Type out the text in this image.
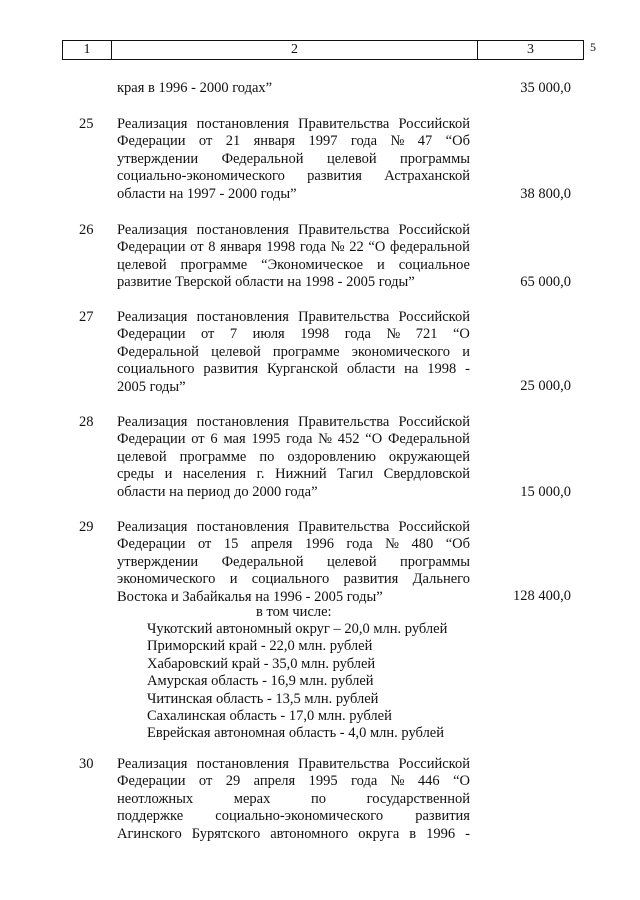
5
1	2	3
края в 1996 - 2000 годах”	35 000,0
25 Реализация постановления Правительства Российской
Федерации от 21 января 1997 года № 47 “Об
утверждении Федеральной целевой программы
социально-экономического развития Астраханской
области на 1997 - 2000 годы”	38 800,0
26 Реализация постановления Правительства Российской
Федерации от 8 января 1998 года № 22 “О федеральной
целевой программе “Экономическое и социальное
развитие Тверской области на 1998 - 2005 годы”	65 000,0
27 Реализация постановления Правительства Российской
Федерации от 7 июля 1998 года № 721 “О
Федеральной целевой программе экономического и
социального развития Курганской области на 1998 -
2005 годы”	25 000,0
28 Реализация постановления Правительства Российской
Федерации от 6 мая 1995 года № 452 “О Федеральной
целевой программе по оздоровлению окружающей
среды и населения г. Нижний Тагил Свердловской
области на период до 2000 года”	15 000,0
29 Реализация постановления Правительства Российской
Федерации от 15 апреля 1996 года № 480 “Об
утверждении Федеральной целевой программы
экономического и социального развития Дальнего
Востока и Забайкалья на 1996 - 2005 годы”	128 400,0
в том числе:
Чукотский автономный округ – 20,0 млн. рублей
Приморский край - 22,0 млн. рублей
Хабаровский край - 35,0 млн. рублей
Амурская область - 16,9 млн. рублей
Читинская область - 13,5 млн. рублей
Сахалинская область - 17,0 млн. рублей
Еврейская автономная область - 4,0 млн. рублей
30 Реализация постановления Правительства Российской
Федерации от 29 апреля 1995 года № 446 “О
неотложных	мерах	по	государственной
поддержке социально-экономического развития
Агинского Бурятского автономного округа в 1996 -
